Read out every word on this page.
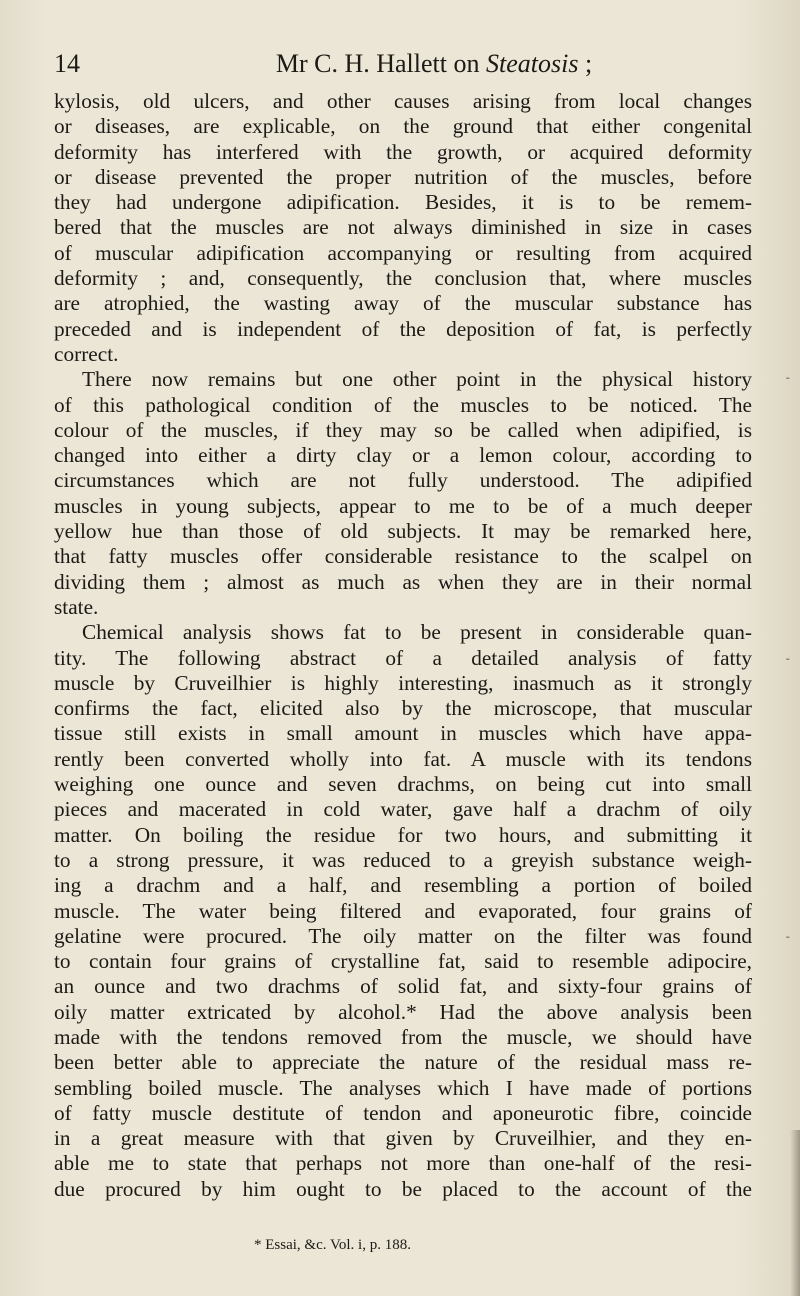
14	Mr C. H. Hallett on Steatosis ;
kylosis, old ulcers, and other causes arising from local changes
or diseases, are explicable, on the ground that either congenital
deformity has interfered with the growth, or acquired deformity
or disease prevented the proper nutrition of the muscles, before
they had undergone adipification. Besides, it is to be remem-
bered that the muscles are not always diminished in size in cases
of muscular adipification accompanying or resulting from acquired
deformity ; and, consequently, the conclusion that, where muscles
are atrophied, the wasting away of the muscular substance has
preceded and is independent of the deposition of fat, is perfectly
correct.
There now remains but one other point in the physical history
of this pathological condition of the muscles to be noticed. The
colour of the muscles, if they may so be called when adipified, is
changed into either a dirty clay or a lemon colour, according to
circumstances which are not fully understood. The adipified
muscles in young subjects, appear to me to be of a much deeper
yellow hue than those of old subjects. It may be remarked here,
that fatty muscles offer considerable resistance to the scalpel on
dividing them ; almost as much as when they are in their normal
state.
Chemical analysis shows fat to be present in considerable quan-
tity. The following abstract of a detailed analysis of fatty
muscle by Cruveilhier is highly interesting, inasmuch as it strongly
confirms the fact, elicited also by the microscope, that muscular
tissue still exists in small amount in muscles which have appa-
rently been converted wholly into fat. A muscle with its tendons
weighing one ounce and seven drachms, on being cut into small
pieces and macerated in cold water, gave half a drachm of oily
matter. On boiling the residue for two hours, and submitting it
to a strong pressure, it was reduced to a greyish substance weigh-
ing a drachm and a half, and resembling a portion of boiled
muscle. The water being filtered and evaporated, four grains of
gelatine were procured. The oily matter on the filter was found
to contain four grains of crystalline fat, said to resemble adipocire,
an ounce and two drachms of solid fat, and sixty-four grains of
oily matter extricated by alcohol.* Had the above analysis been
made with the tendons removed from the muscle, we should have
been better able to appreciate the nature of the residual mass re-
sembling boiled muscle. The analyses which I have made of portions
of fatty muscle destitute of tendon and aponeurotic fibre, coincide
in a great measure with that given by Cruveilhier, and they en-
able me to state that perhaps not more than one-half of the resi-
due procured by him ought to be placed to the account of the
* Essai, &c. Vol. i, p. 188.
˗
˗
˗
